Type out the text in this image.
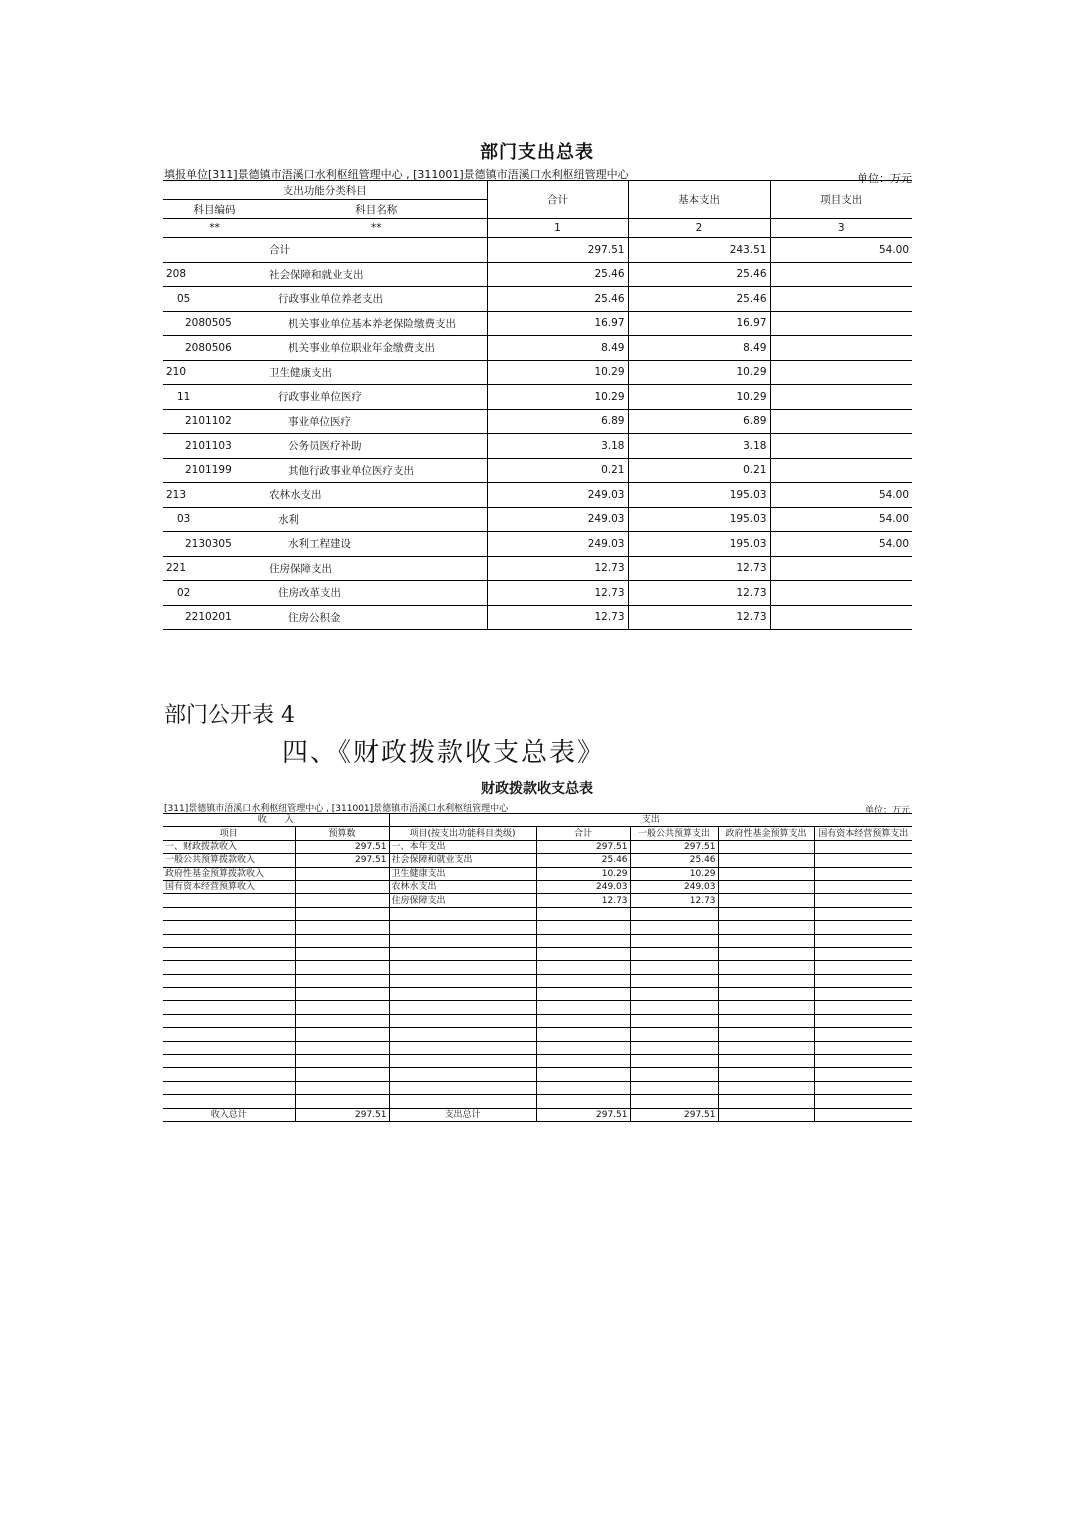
部门支出总表
填报单位[311]景德镇市浯溪口水利枢纽管理中心 , [311001]景德镇市浯溪口水利枢纽管理中心	单位：万元
支出功能分类科目		合计	基本支出	项目支出
科目编码	科目名称			
**	**	1	2	3
	合计	297.51	243.51	54.00
208	社会保障和就业支出	25.46	25.46	
05	行政事业单位养老支出	25.46	25.46	
2080505	机关事业单位基本养老保险缴费支出	16.97	16.97	
2080506	机关事业单位职业年金缴费支出	8.49	8.49	
210	卫生健康支出	10.29	10.29	
11	行政事业单位医疗	10.29	10.29	
2101102	事业单位医疗	6.89	6.89	
2101103	公务员医疗补助	3.18	3.18	
2101199	其他行政事业单位医疗支出	0.21	0.21	
213	农林水支出	249.03	195.03	54.00
03	水利	249.03	195.03	54.00
2130305	水利工程建设	249.03	195.03	54.00
221	住房保障支出	12.73	12.73	
02	住房改革支出	12.73	12.73	
2210201	住房公积金	12.73	12.73	
部门公开表 4
四、《财政拨款收支总表》
财政拨款收支总表
[311]景德镇市浯溪口水利枢纽管理中心 , [311001]景德镇市浯溪口水利枢纽管理中心	单位：万元
收　　入		支出				
项目	预算数	项目(按支出功能科目类级)	合计	一般公共预算支出	政府性基金预算支出	国有资本经营预算支出
一、财政拨款收入	297.51	一、本年支出	297.51	297.51		
一般公共预算拨款收入	297.51	社会保障和就业支出	25.46	25.46		
政府性基金预算拨款收入		卫生健康支出	10.29	10.29		
国有资本经营预算收入		农林水支出	249.03	249.03		
		住房保障支出	12.73	12.73		

收入总计	297.51	支出总计	297.51	297.51		
